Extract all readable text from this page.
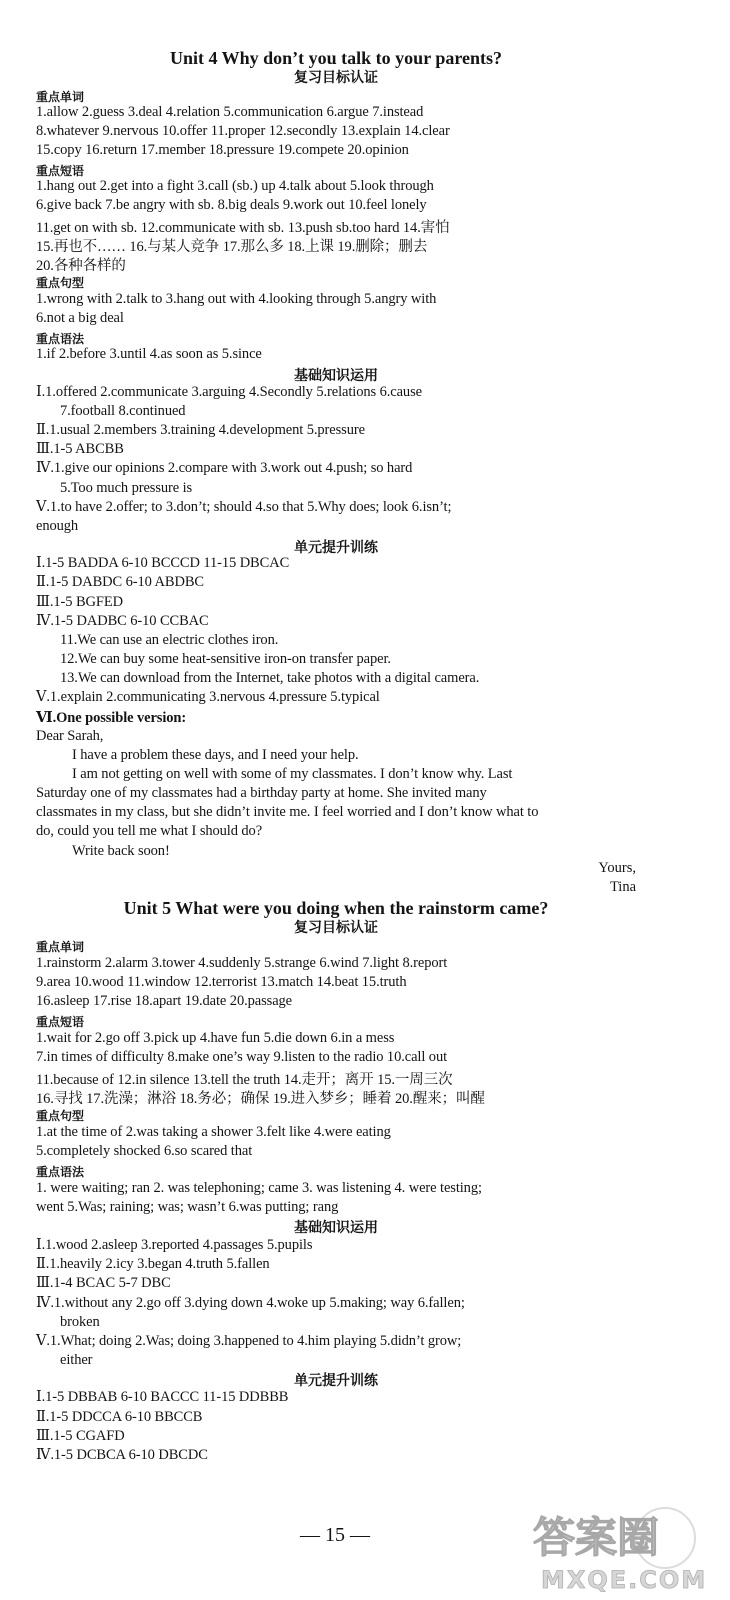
Unit 4 Why don’t you talk to your parents?
复习目标认证
重点单词
1.allow 2.guess 3.deal 4.relation 5.communication 6.argue 7.instead
8.whatever 9.nervous 10.offer 11.proper 12.secondly 13.explain 14.clear
15.copy 16.return 17.member 18.pressure 19.compete 20.opinion
重点短语
1.hang out 2.get into a fight 3.call (sb.) up 4.talk about 5.look through
6.give back 7.be angry with sb. 8.big deals 9.work out 10.feel lonely
11.get on with sb. 12.communicate with sb. 13.push sb.too hard 14.害怕
15.再也不…… 16.与某人竞争 17.那么多 18.上课 19.删除；删去
20.各种各样的
重点句型
1.wrong with 2.talk to 3.hang out with 4.looking through 5.angry with
6.not a big deal
重点语法
1.if 2.before 3.until 4.as soon as 5.since
基础知识运用
Ⅰ.1.offered 2.communicate 3.arguing 4.Secondly 5.relations 6.cause
7.football 8.continued
Ⅱ.1.usual 2.members 3.training 4.development 5.pressure
Ⅲ.1-5 ABCBB
Ⅳ.1.give our opinions 2.compare with 3.work out 4.push; so hard
5.Too much pressure is
Ⅴ.1.to have 2.offer; to 3.don’t; should 4.so that 5.Why does; look 6.isn’t;
enough
单元提升训练
Ⅰ.1-5 BADDA 6-10 BCCCD 11-15 DBCAC
Ⅱ.1-5 DABDC 6-10 ABDBC
Ⅲ.1-5 BGFED
Ⅳ.1-5 DADBC 6-10 CCBAC
11.We can use an electric clothes iron.
12.We can buy some heat-sensitive iron-on transfer paper.
13.We can download from the Internet, take photos with a digital camera.
Ⅴ.1.explain 2.communicating 3.nervous 4.pressure 5.typical
Ⅵ.One possible version:
Dear Sarah,
I have a problem these days, and I need your help.
I am not getting on well with some of my classmates. I don’t know why. Last
Saturday one of my classmates had a birthday party at home. She invited many
classmates in my class, but she didn’t invite me. I feel worried and I don’t know what to
do, could you tell me what I should do?
Write back soon!
Yours,
Tina
Unit 5 What were you doing when the rainstorm came?
复习目标认证
重点单词
1.rainstorm 2.alarm 3.tower 4.suddenly 5.strange 6.wind 7.light 8.report
9.area 10.wood 11.window 12.terrorist 13.match 14.beat 15.truth
16.asleep 17.rise 18.apart 19.date 20.passage
重点短语
1.wait for 2.go off 3.pick up 4.have fun 5.die down 6.in a mess
7.in times of difficulty 8.make one’s way 9.listen to the radio 10.call out
11.because of 12.in silence 13.tell the truth 14.走开；离开 15.一周三次
16.寻找 17.洗澡；淋浴 18.务必；确保 19.进入梦乡；睡着 20.醒来；叫醒
重点句型
1.at the time of 2.was taking a shower 3.felt like 4.were eating
5.completely shocked 6.so scared that
重点语法
1. were waiting; ran 2. was telephoning; came 3. was listening 4. were testing;
went 5.Was; raining; was; wasn’t 6.was putting; rang
基础知识运用
Ⅰ.1.wood 2.asleep 3.reported 4.passages 5.pupils
Ⅱ.1.heavily 2.icy 3.began 4.truth 5.fallen
Ⅲ.1-4 BCAC 5-7 DBC
Ⅳ.1.without any 2.go off 3.dying down 4.woke up 5.making; way 6.fallen;
broken
Ⅴ.1.What; doing 2.Was; doing 3.happened to 4.him playing 5.didn’t grow;
either
单元提升训练
Ⅰ.1-5 DBBAB 6-10 BACCC 11-15 DDBBB
Ⅱ.1-5 DDCCA 6-10 BBCCB
Ⅲ.1-5 CGAFD
Ⅳ.1-5 DCBCA 6-10 DBCDC
— 15 —	答案圈
MXQE.COM
